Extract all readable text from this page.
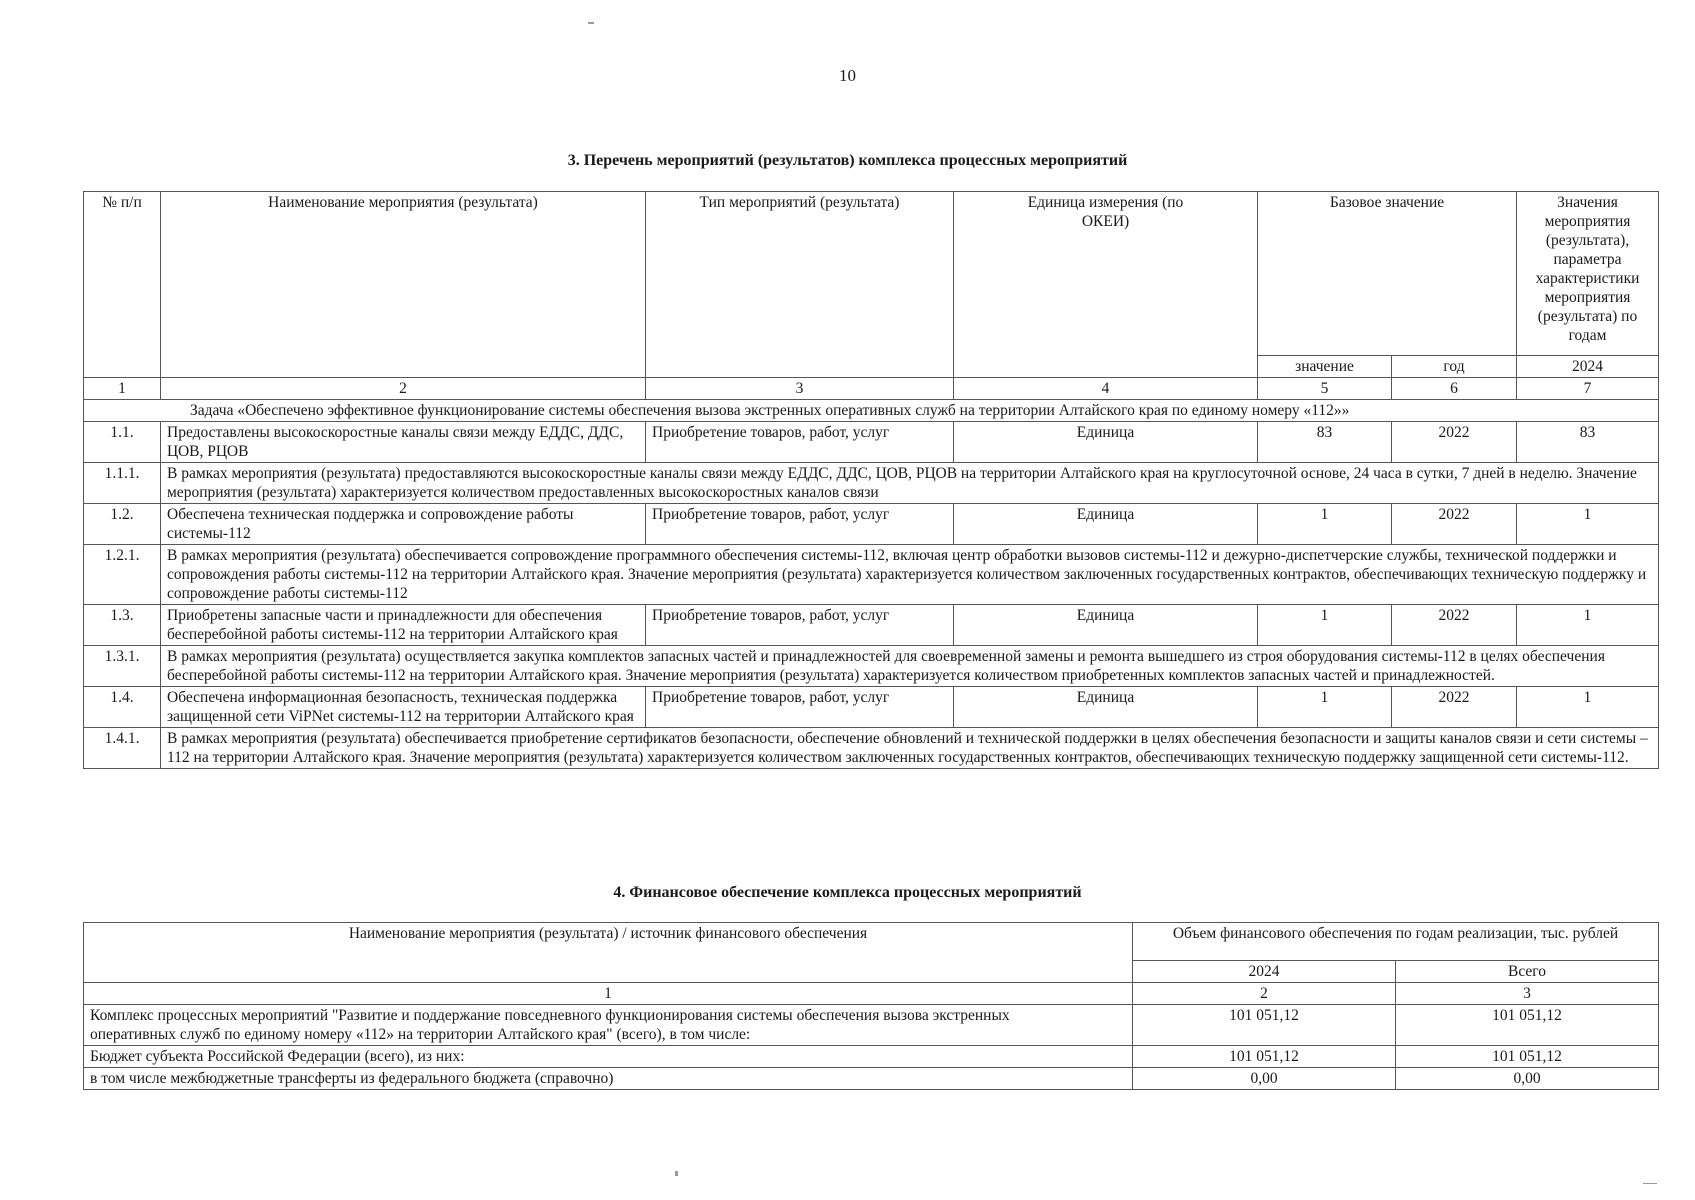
10
3. Перечень мероприятий (результатов) комплекса процессных мероприятий
№ п/п	Наименование мероприятия (результата)	Тип мероприятий (результата)	Единица измерения (по ОКЕИ)	Базовое значение		Значения мероприятия (результата), параметра характеристики мероприятия (результата) по годам
				значение	год	2024
1	2	3	4	5	6	7
Задача «Обеспечено эффективное функционирование системы обеспечения вызова экстренных оперативных служб на территории Алтайского края по единому номеру «112»»						
1.1.	Предоставлены высокоскоростные каналы связи между ЕДДС, ДДС, ЦОВ, РЦОВ	Приобретение товаров, работ, услуг	Единица	83	2022	83
1.1.1.	В рамках мероприятия (результата) предоставляются высокоскоростные каналы связи между ЕДДС, ДДС, ЦОВ, РЦОВ на территории Алтайского края на круглосуточной основе, 24 часа в сутки, 7 дней в неделю. Значение мероприятия (результата) характеризуется количеством предоставленных высокоскоростных каналов связи					
1.2.	Обеспечена техническая поддержка и сопровождение работы системы-112	Приобретение товаров, работ, услуг	Единица	1	2022	1
1.2.1.	В рамках мероприятия (результата) обеспечивается сопровождение программного обеспечения системы-112, включая центр обработки вызовов системы-112 и дежурно-диспетчерские службы, технической поддержки и сопровождения работы системы-112 на территории Алтайского края. Значение мероприятия (результата) характеризуется количеством заключенных государственных контрактов, обеспечивающих техническую поддержку и сопровождение работы системы-112					
1.3.	Приобретены запасные части и принадлежности для обеспечения бесперебойной работы системы-112 на территории Алтайского края	Приобретение товаров, работ, услуг	Единица	1	2022	1
1.3.1.	В рамках мероприятия (результата) осуществляется закупка комплектов запасных частей и принадлежностей для своевременной замены и ремонта вышедшего из строя оборудования системы-112 в целях обеспечения бесперебойной работы системы-112 на территории Алтайского края. Значение мероприятия (результата) характеризуется количеством приобретенных комплектов запасных частей и принадлежностей.					
1.4.	Обеспечена информационная безопасность, техническая поддержка защищенной сети ViPNet системы-112 на территории Алтайского края	Приобретение товаров, работ, услуг	Единица	1	2022	1
1.4.1.	В рамках мероприятия (результата) обеспечивается приобретение сертификатов безопасности, обеспечение обновлений и технической поддержки в целях обеспечения безопасности и защиты каналов связи и сети системы – 112 на территории Алтайского края. Значение мероприятия (результата) характеризуется количеством заключенных государственных контрактов, обеспечивающих техническую поддержку защищенной сети системы-112.					
4. Финансовое обеспечение комплекса процессных мероприятий
Наименование мероприятия (результата) / источник финансового обеспечения	Объем финансового обеспечения по годам реализации, тыс. рублей	
	2024	Всего
1	2	3
Комплекс процессных мероприятий "Развитие и поддержание повседневного функционирования системы обеспечения вызова экстренных оперативных служб по единому номеру «112» на территории Алтайского края" (всего), в том числе:	101 051,12	101 051,12
Бюджет субъекта Российской Федерации (всего), из них:	101 051,12	101 051,12
в том числе межбюджетные трансферты из федерального бюджета (справочно)	0,00	0,00
